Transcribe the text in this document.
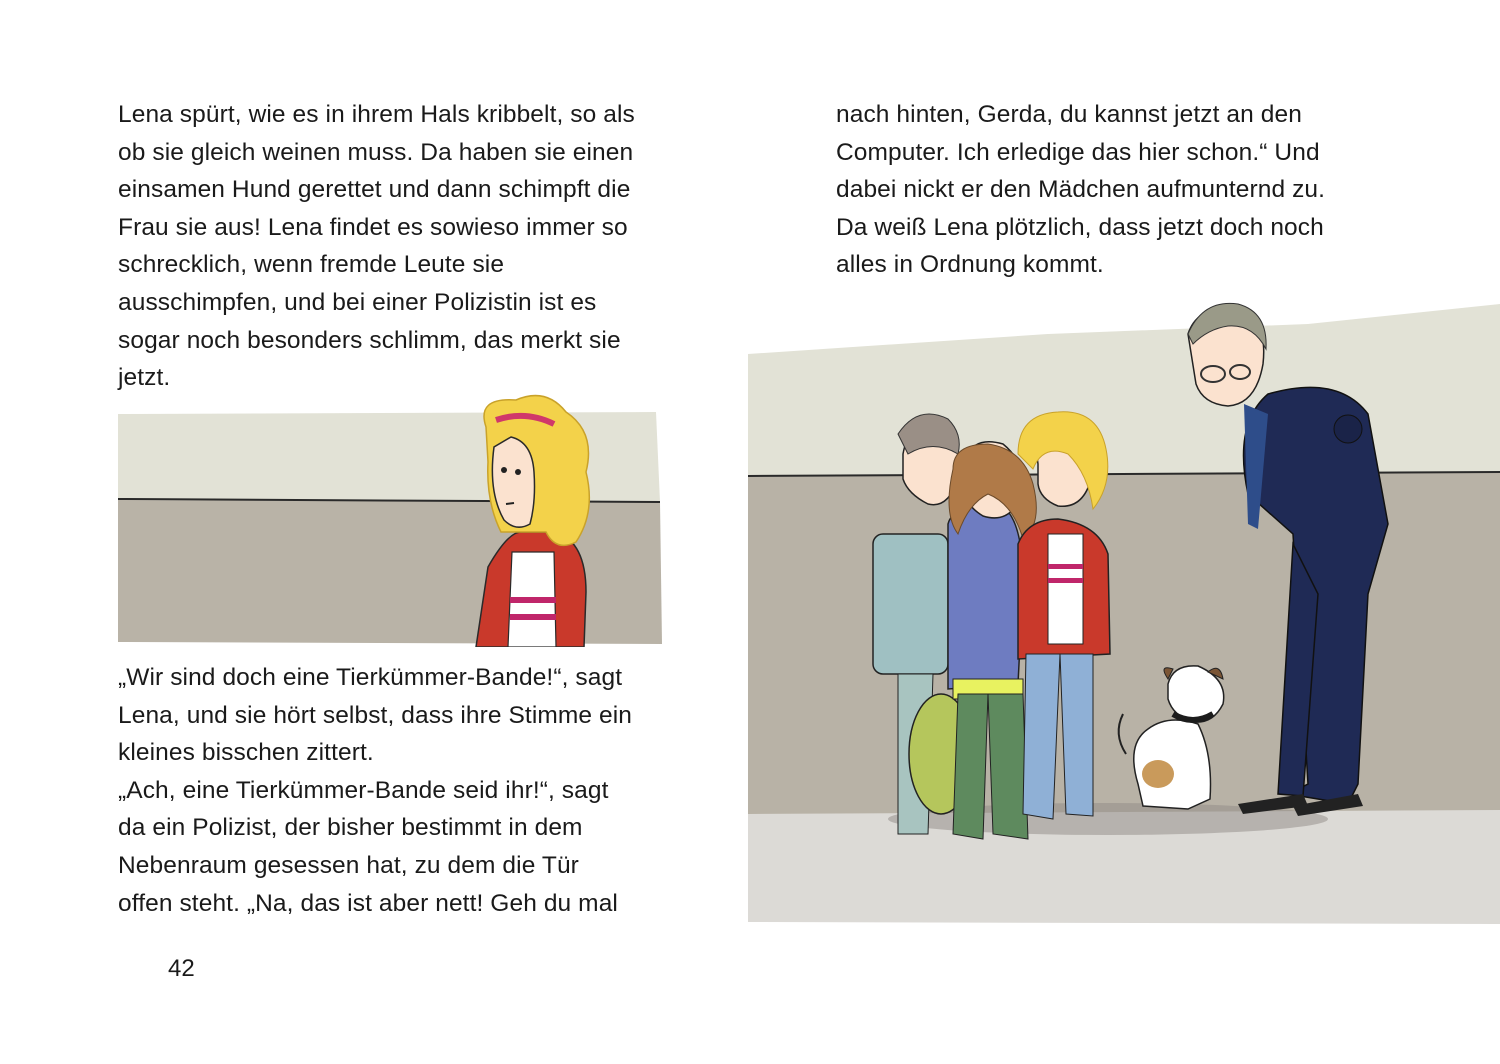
Lena spürt, wie es in ihrem Hals kribbelt, so als
ob sie gleich weinen muss. Da haben sie einen
einsamen Hund gerettet und dann schimpft die
Frau sie aus! Lena findet es sowieso immer so
schrecklich, wenn fremde Leute sie
ausschimpfen, und bei einer Polizistin ist es
sogar noch besonders schlimm, das merkt sie
jetzt.
„Wir sind doch eine Tierkümmer-Bande!“, sagt
Lena, und sie hört selbst, dass ihre Stimme ein
kleines bisschen zittert.
„Ach, eine Tierkümmer-Bande seid ihr!“, sagt
da ein Polizist, der bisher bestimmt in dem
Nebenraum gesessen hat, zu dem die Tür
offen steht. „Na, das ist aber nett! Geh du mal
nach hinten, Gerda, du kannst jetzt an den
Computer. Ich erledige das hier schon.“ Und
dabei nickt er den Mädchen aufmunternd zu.
Da weiß Lena plötzlich, dass jetzt doch noch
alles in Ordnung kommt.
42
